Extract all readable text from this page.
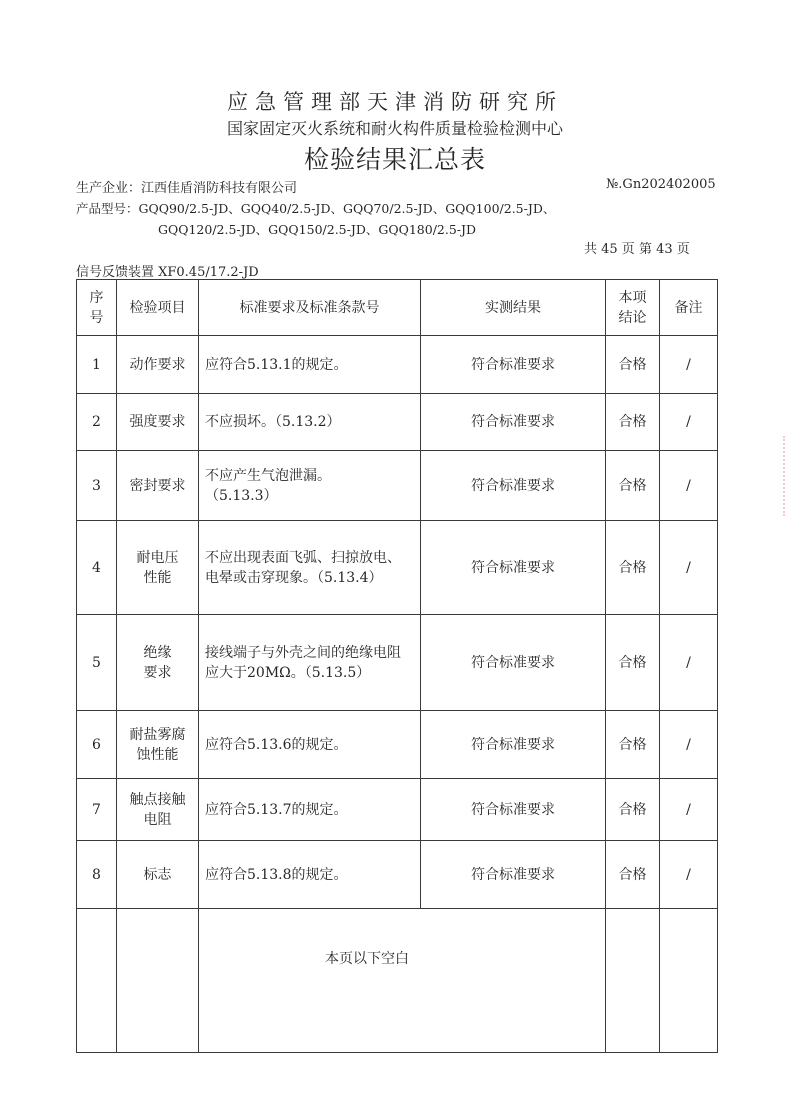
应急管理部天津消防研究所
国家固定灭火系统和耐火构件质量检验检测中心
检验结果汇总表
生产企业：江西佳盾消防科技有限公司	№.Gn202402005
产品型号：GQQ90/2.5-JD、GQQ40/2.5-JD、GQQ70/2.5-JD、GQQ100/2.5-JD、
GQQ120/2.5-JD、GQQ150/2.5-JD、GQQ180/2.5-JD
共 45 页 第 43 页
信号反馈装置 XF0.45/17.2-JD
序号	检验项目	标准要求及标准条款号	实测结果	本项结论	备注
1	动作要求	应符合5.13.1的规定。	符合标准要求	合格	/
2	强度要求	不应损坏。（5.13.2）	符合标准要求	合格	/
3	密封要求	不应产生气泡泄漏。（5.13.3）	符合标准要求	合格	/
4	耐电压性能	不应出现表面飞弧、扫掠放电、电晕或击穿现象。（5.13.4）	符合标准要求	合格	/
5	绝缘要求	接线端子与外壳之间的绝缘电阻应大于20MΩ。（5.13.5）	符合标准要求	合格	/
6	耐盐雾腐蚀性能	应符合5.13.6的规定。	符合标准要求	合格	/
7	触点接触电阻	应符合5.13.7的规定。	符合标准要求	合格	/
8	标志	应符合5.13.8的规定。	符合标准要求	合格	/
		本页以下空白			
